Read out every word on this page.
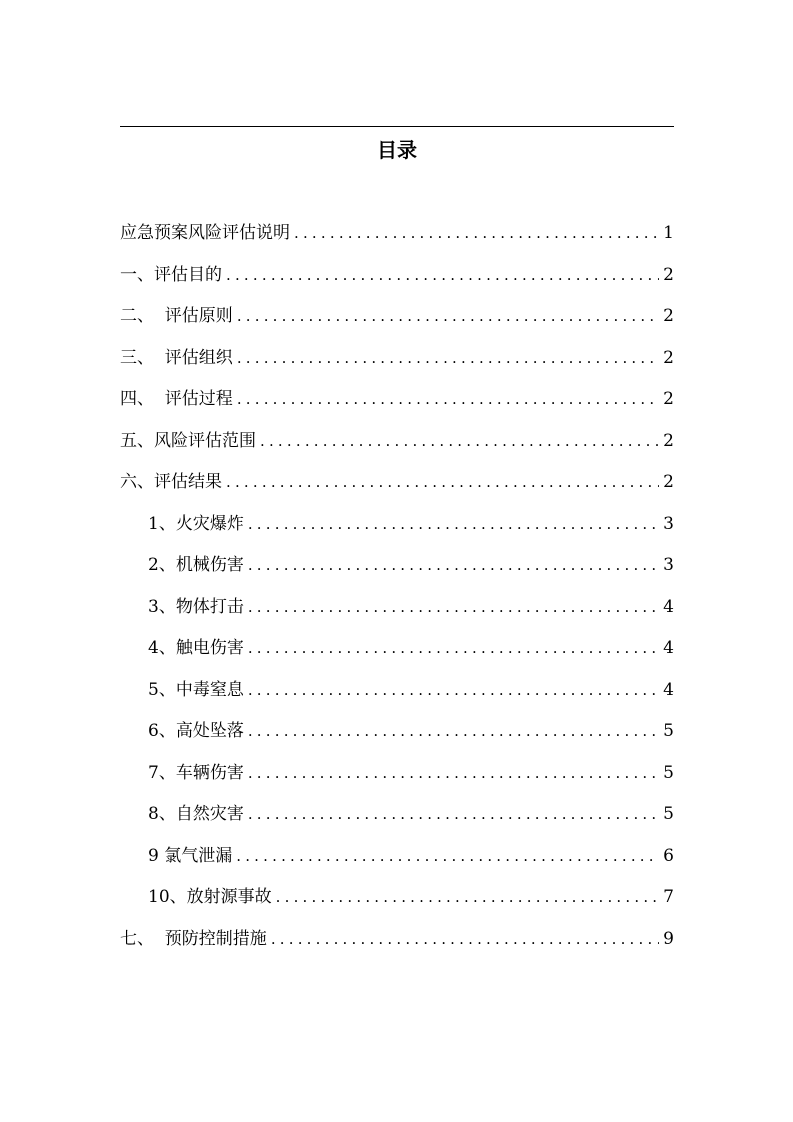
目录
应急预案风险评估说明 .....	1
一、评估目的 .....	2
二、  评估原则 .....	2
三、  评估组织 .....	2
四、  评估过程 .....	2
五、风险评估范围 .....	2
六、评估结果 .....	2
1、火灾爆炸 .....	3
2、机械伤害 .....	3
3、物体打击 .....	4
4、触电伤害 .....	4
5、中毒窒息 .....	4
6、高处坠落 .....	5
7、车辆伤害 .....	5
8、自然灾害 .....	5
9 氯气泄漏 .....	6
10、放射源事故 .....	7
七、  预防控制措施 .....	9
